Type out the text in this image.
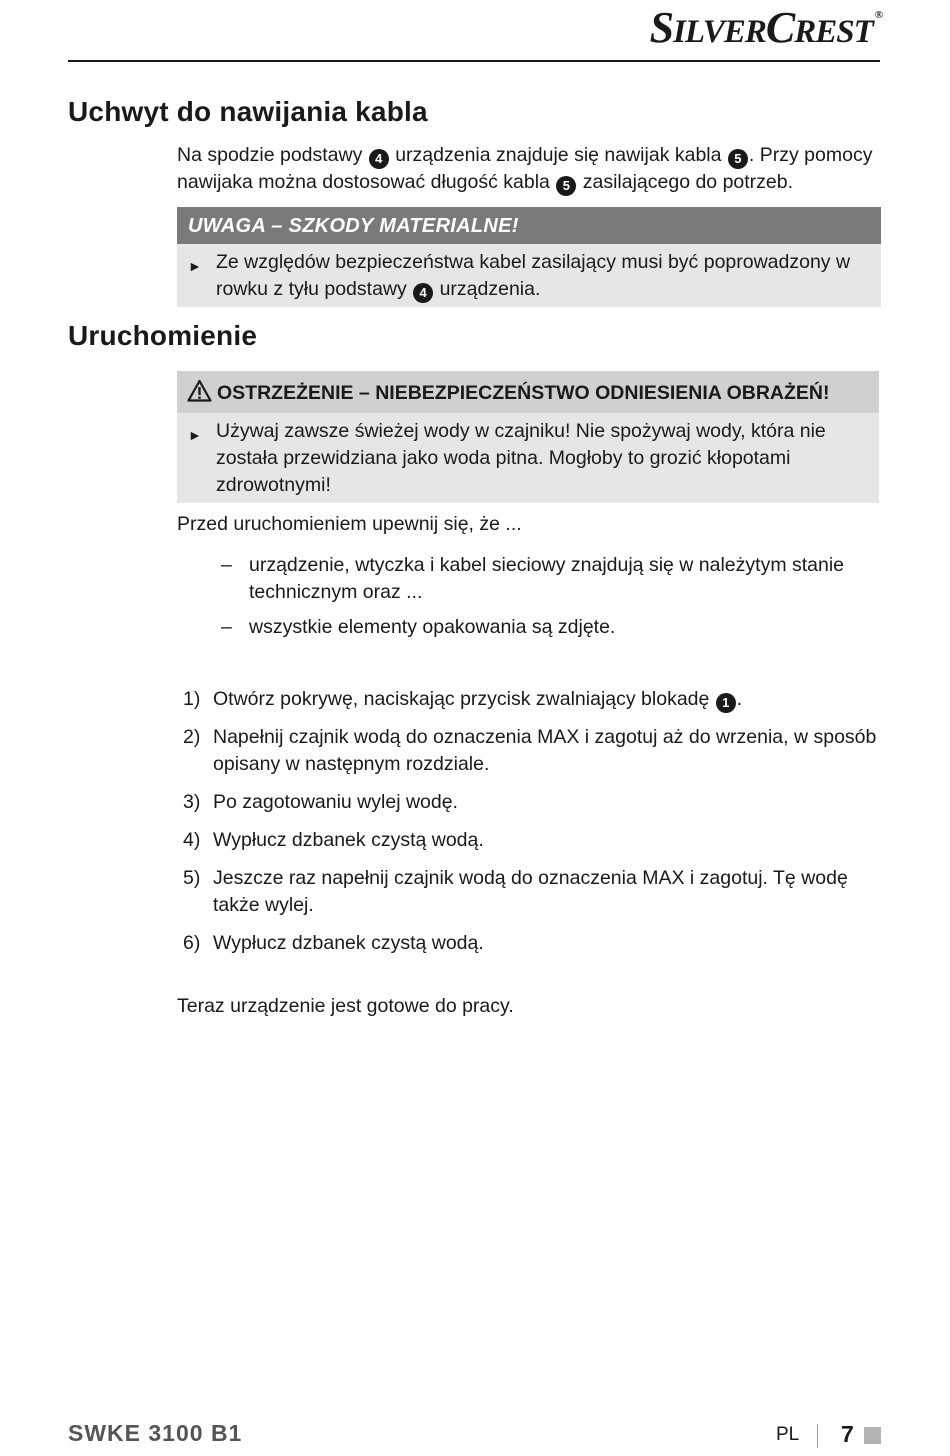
SILVERCREST ®
Uchwyt do nawijania kabla

Na spodzie podstawy 4 urządzenia znajduje się nawijak kabla 5 . Przy pomocy nawijaka można dostosować długość kabla 5 zasilającego do potrzeb.

UWAGA – SZKODY MATERIALNE!
► Ze względów bezpieczeństwa kabel zasilający musi być poprowadzony w rowku z tyłu podstawy 4 urządzenia.
Uruchomienie
OSTRZEŻENIE – NIEBEZPIECZEŃSTWO ODNIESIENIA OBRAŻEŃ!
► Używaj zawsze świeżej wody w czajniku! Nie spożywaj wody, która nie została przewidziana jako woda pitna. Mogłoby to grozić kłopotami zdrowotnymi!

Przed uruchomieniem upewnij się, że ...

– urządzenie, wtyczka i kabel sieciowy znajdują się w należytym stanie technicznym oraz ...
– wszystkie elementy opakowania są zdjęte.
1) Otwórz pokrywę, naciskając przycisk zwalniający blokadę 1 .
2) Napełnij czajnik wodą do oznaczenia MAX i zagotuj aż do wrzenia, w sposób opisany w następnym rozdziale.
3) Po zagotowaniu wylej wodę.
4) Wypłucz dzbanek czystą wodą.
5) Jeszcze raz napełnij czajnik wodą do oznaczenia MAX i zagotuj. Tę wodę także wylej.
6) Wypłucz dzbanek czystą wodą.

Teraz urządzenie jest gotowe do pracy.

SWKE 3100 B1	PL 7
